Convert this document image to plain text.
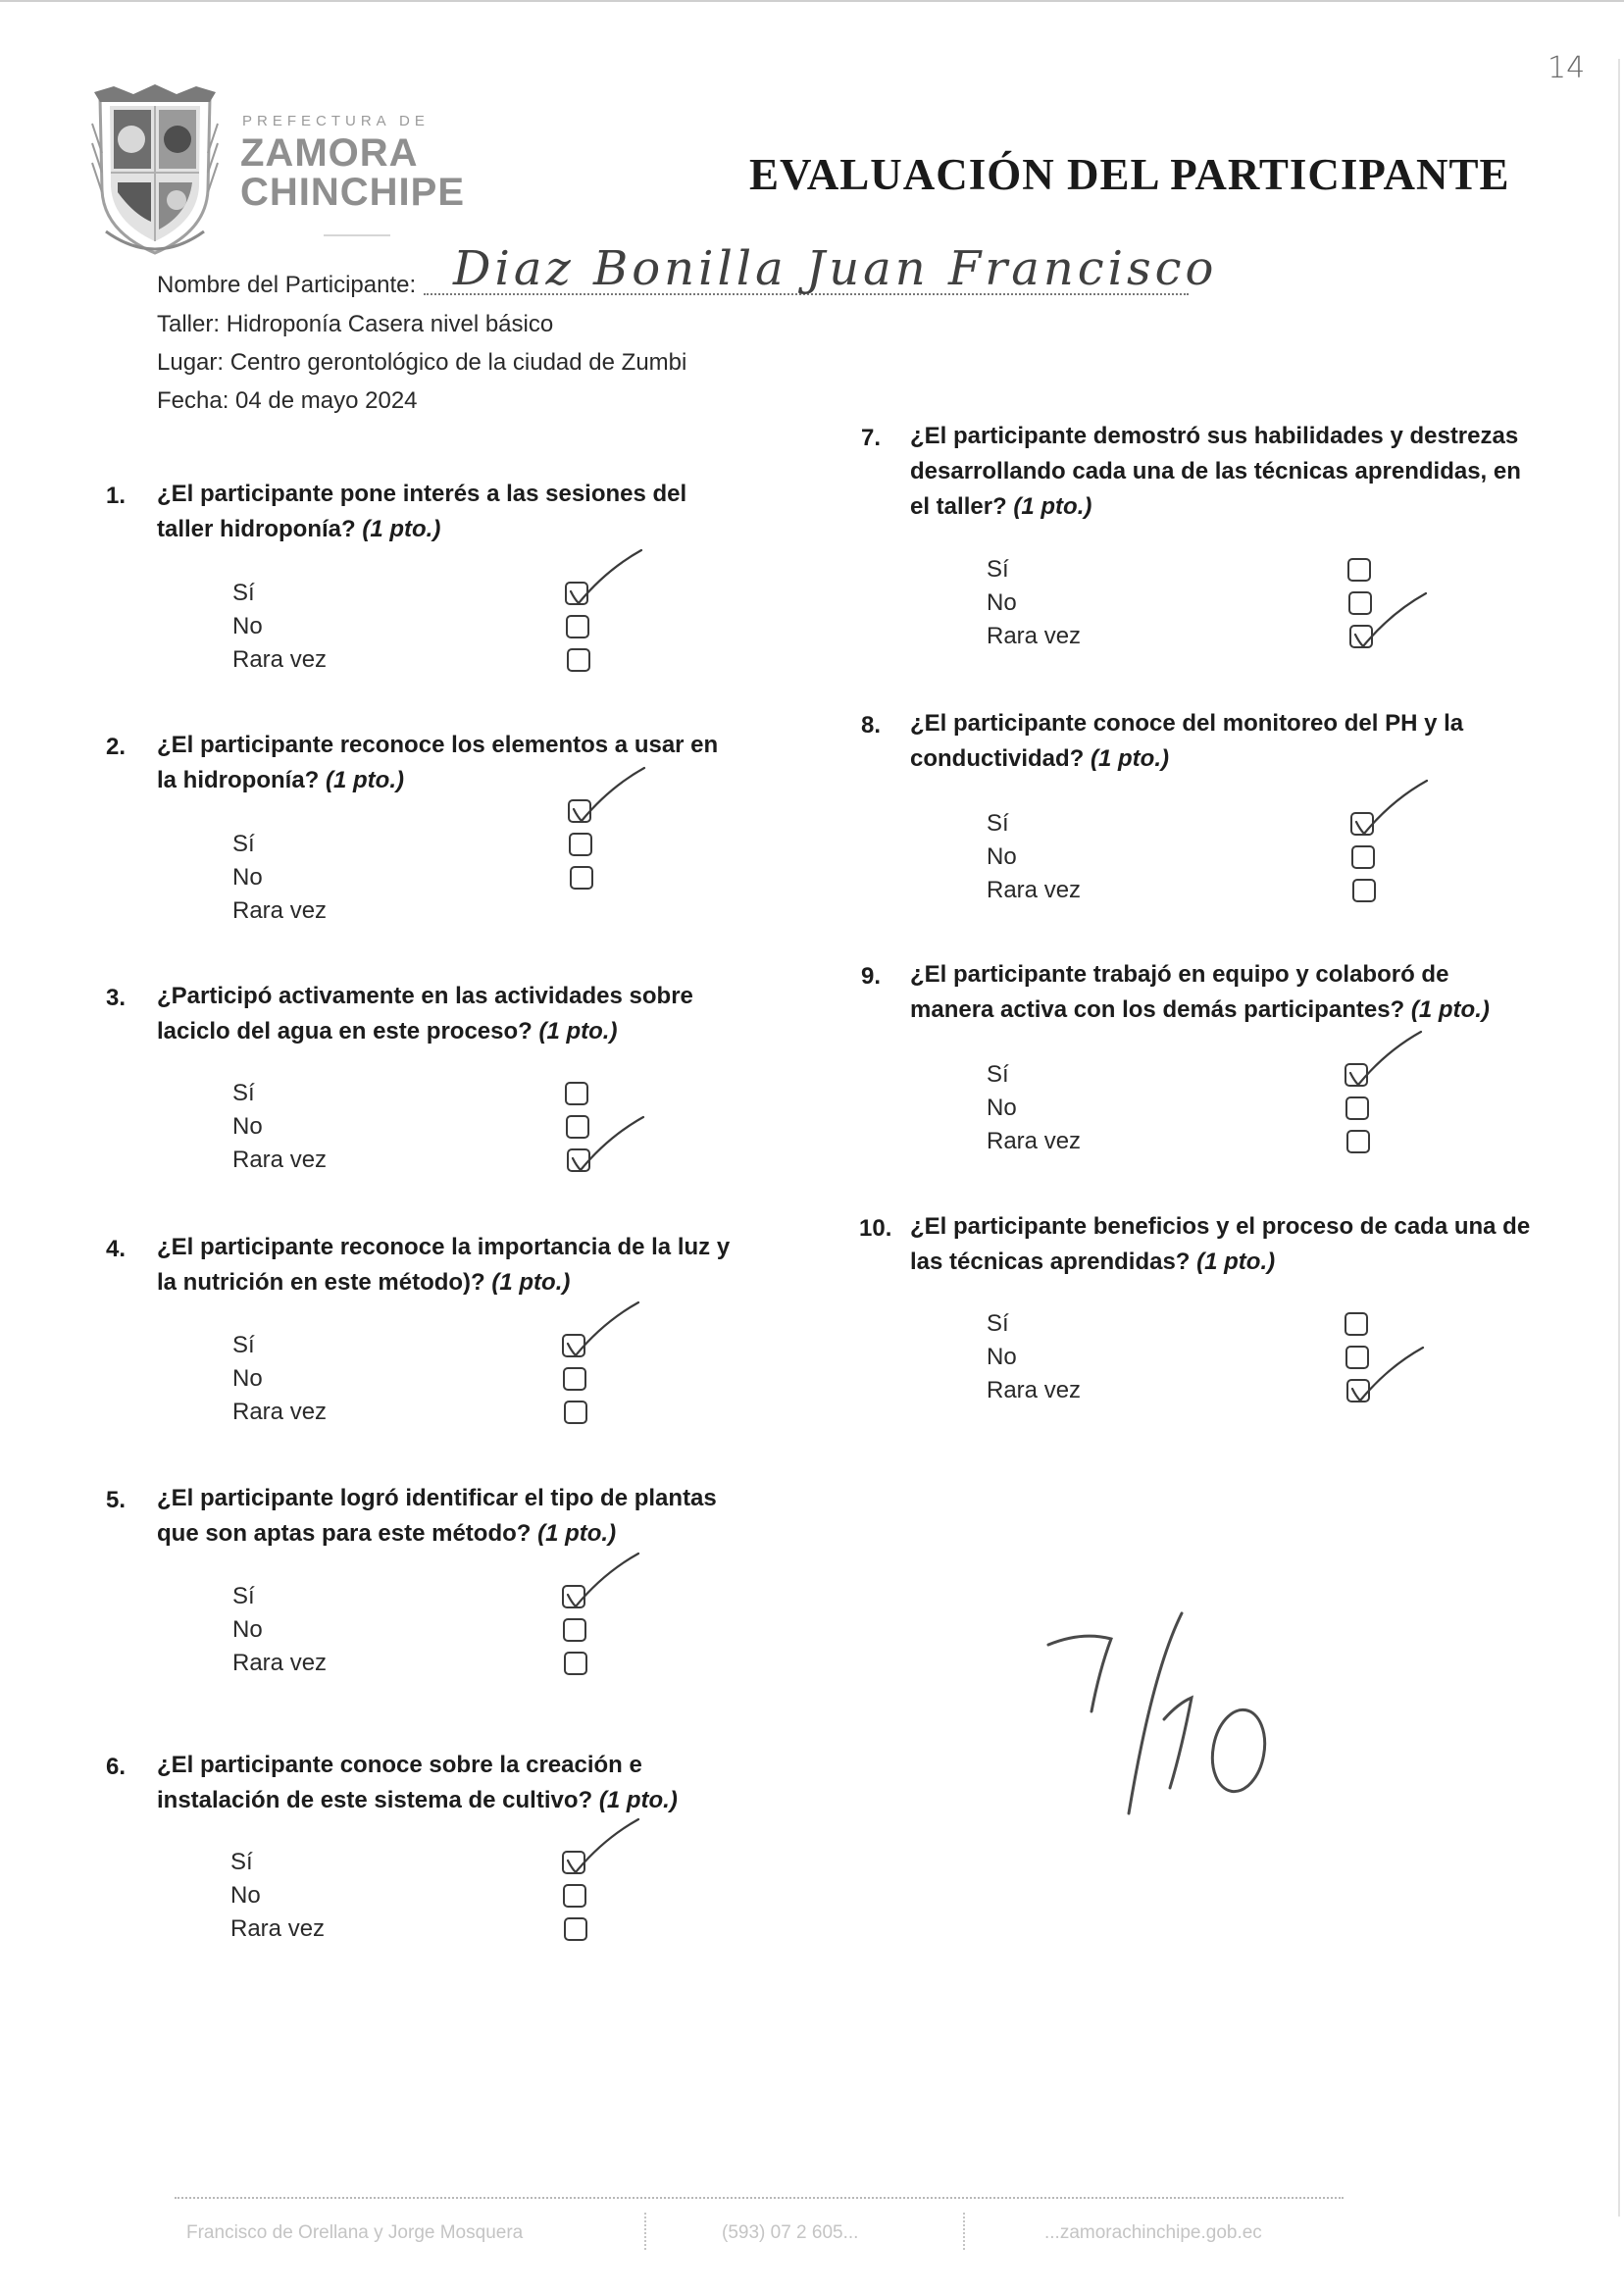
14
PREFECTURA DE
ZAMORA
CHINCHIPE	EVALUACIÓN DEL PARTICIPANTE
Nombre del Participante: Diaz Bonilla Juan Francisco
Taller: Hidroponía Casera nivel básico
Lugar: Centro gerontológico de la ciudad de Zumbi
Fecha: 04 de mayo 2024
1. ¿El participante pone interés a las sesiones del
taller hidroponía? (1 pto.)
Sí
No
Rara vez
2. ¿El participante reconoce los elementos a usar en
la hidroponía? (1 pto.)
Sí
No
Rara vez
3. ¿Participó activamente en las actividades sobre
laciclo del agua en este proceso? (1 pto.)
Sí
No
Rara vez
4. ¿El participante reconoce la importancia de la luz y
la nutrición en este método)? (1 pto.)
Sí
No
Rara vez
5. ¿El participante logró identificar el tipo de plantas
que son aptas para este método? (1 pto.)
Sí
No
Rara vez
6. ¿El participante conoce sobre la creación e
instalación de este sistema de cultivo? (1 pto.)
Sí
No
Rara vez
7. ¿El participante demostró sus habilidades y destrezas
desarrollando cada una de las técnicas aprendidas, en
el taller? (1 pto.)
Sí
No
Rara vez
8. ¿El participante conoce del monitoreo del PH y la
conductividad? (1 pto.)
Sí
No
Rara vez
9. ¿El participante trabajó en equipo y colaboró de
manera activa con los demás participantes? (1 pto.)
Sí
No
Rara vez
10. ¿El participante beneficios y el proceso de cada una de
las técnicas aprendidas? (1 pto.)
Sí
No
Rara vez
Francisco de Orellana y Jorge Mosquera	(593) 07 2 605...	...zamorachinchipe.gob.ec
